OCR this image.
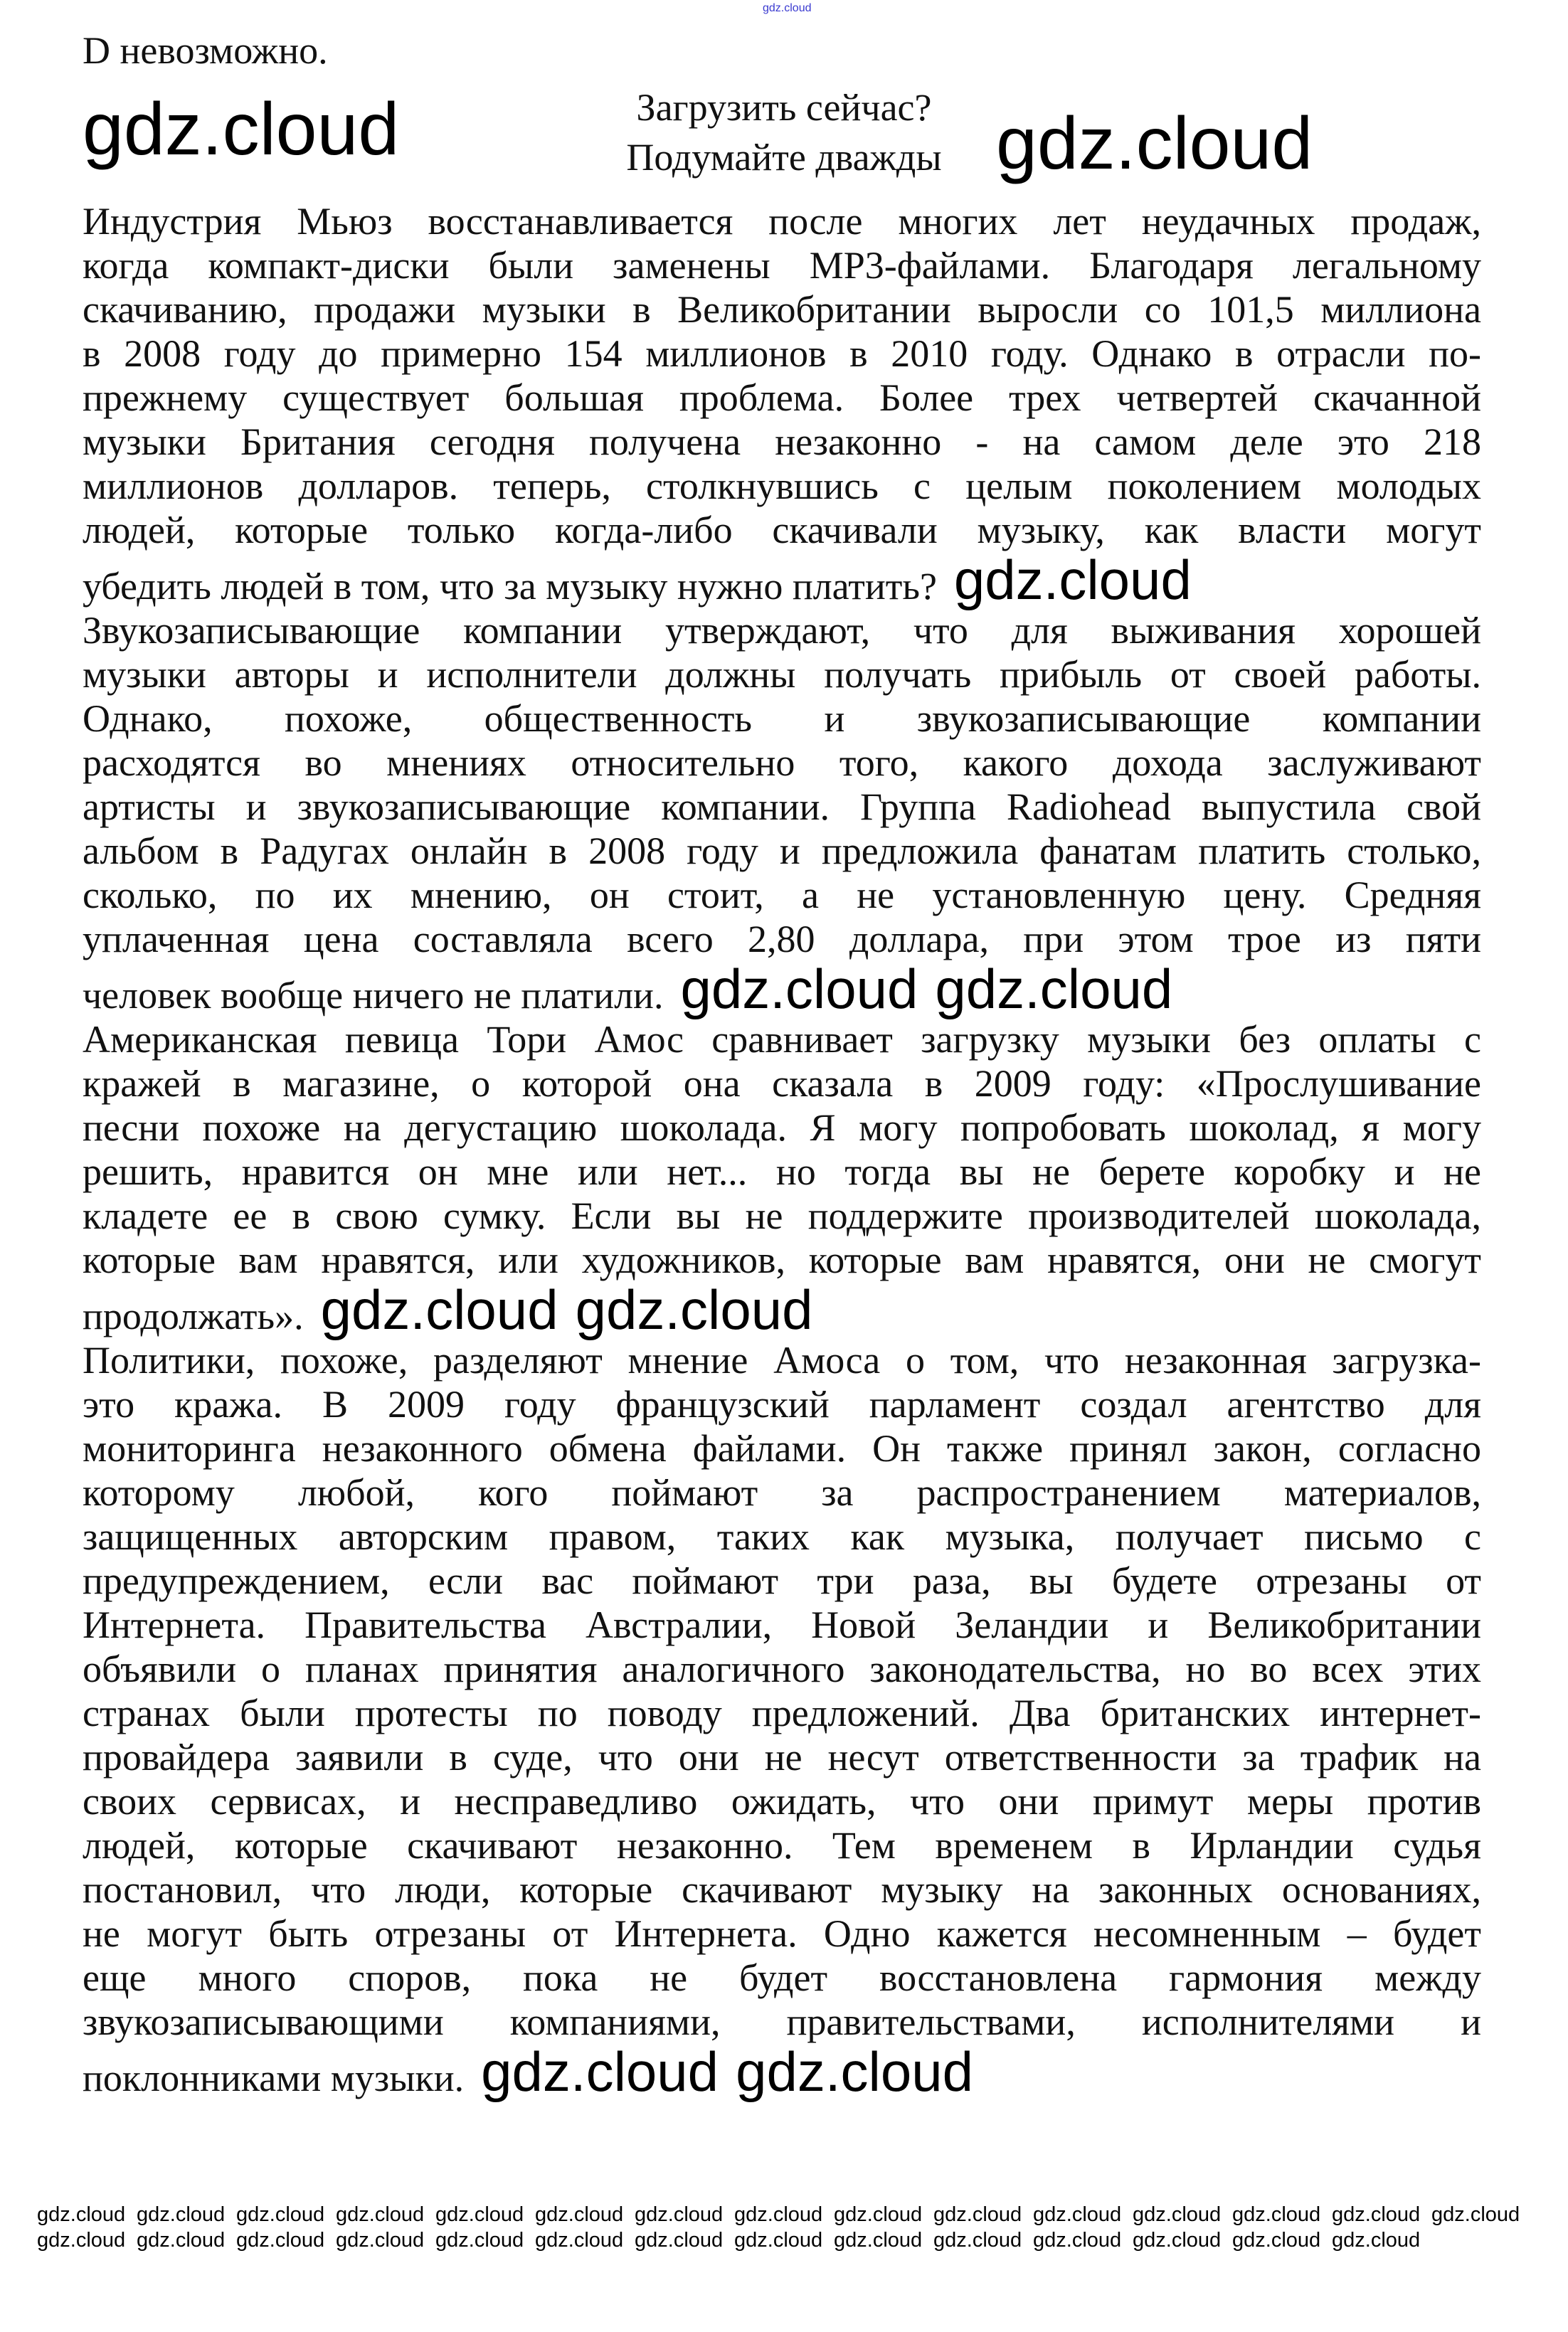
gdz.cloud
D невозможно.
gdz.cloud	Загрузить сейчас?
Подумайте дважды gdz.cloud
Индустрия Мьюз восстанавливается после многих лет неудачных продаж,
когда компакт-диски были заменены MP3-файлами. Благодаря легальному
скачиванию, продажи музыки в Великобритании выросли со 101,5 миллиона
в 2008 году до примерно 154 миллионов в 2010 году. Однако в отрасли по-
прежнему существует большая проблема. Более трех четвертей скачанной
музыки Британия сегодня получена незаконно - на самом деле это 218
миллионов долларов. теперь, столкнувшись с целым поколением молодых
людей, которые только когда-либо скачивали музыку, как власти могут
убедить людей в том, что за музыку нужно платить? gdz.cloud
Звукозаписывающие компании утверждают, что для выживания хорошей
музыки авторы и исполнители должны получать прибыль от своей работы.
Однако, похоже, общественность и звукозаписывающие компании
расходятся во мнениях относительно того, какого дохода заслуживают
артисты и звукозаписывающие компании. Группа Radiohead выпустила свой
альбом в Радугах онлайн в 2008 году и предложила фанатам платить столько,
сколько, по их мнению, он стоит, а не установленную цену. Средняя
уплаченная цена составляла всего 2,80 доллара, при этом трое из пяти
человек вообще ничего не платили. gdz.cloud gdz.cloud
Американская певица Тори Амос сравнивает загрузку музыки без оплаты с
кражей в магазине, о которой она сказала в 2009 году: «Прослушивание
песни похоже на дегустацию шоколада. Я могу попробовать шоколад, я могу
решить, нравится он мне или нет... но тогда вы не берете коробку и не
кладете ее в свою сумку. Если вы не поддержите производителей шоколада,
которые вам нравятся, или художников, которые вам нравятся, они не смогут
продолжать». gdz.cloud gdz.cloud
Политики, похоже, разделяют мнение Амоса о том, что незаконная загрузка-
это кража. В 2009 году французский парламент создал агентство для
мониторинга незаконного обмена файлами. Он также принял закон, согласно
которому любой, кого поймают за распространением материалов,
защищенных авторским правом, таких как музыка, получает письмо с
предупреждением, если вас поймают три раза, вы будете отрезаны от
Интернета. Правительства Австралии, Новой Зеландии и Великобритании
объявили о планах принятия аналогичного законодательства, но во всех этих
странах были протесты по поводу предложений. Два британских интернет-
провайдера заявили в суде, что они не несут ответственности за трафик на
своих сервисах, и несправедливо ожидать, что они примут меры против
людей, которые скачивают незаконно. Тем временем в Ирландии судья
постановил, что люди, которые скачивают музыку на законных основаниях,
не могут быть отрезаны от Интернета. Одно кажется несомненным – будет
еще много споров, пока не будет восстановлена гармония между
звукозаписывающими компаниями, правительствами, исполнителями и
поклонниками музыки. gdz.cloud gdz.cloud
gdz.cloud gdz.cloud gdz.cloud gdz.cloud gdz.cloud gdz.cloud gdz.cloud gdz.cloud gdz.cloud gdz.cloud gdz.cloud gdz.cloud gdz.cloud gdz.cloud gdz.cloud
gdz.cloud gdz.cloud gdz.cloud gdz.cloud gdz.cloud gdz.cloud gdz.cloud gdz.cloud gdz.cloud gdz.cloud gdz.cloud gdz.cloud gdz.cloud gdz.cloud
